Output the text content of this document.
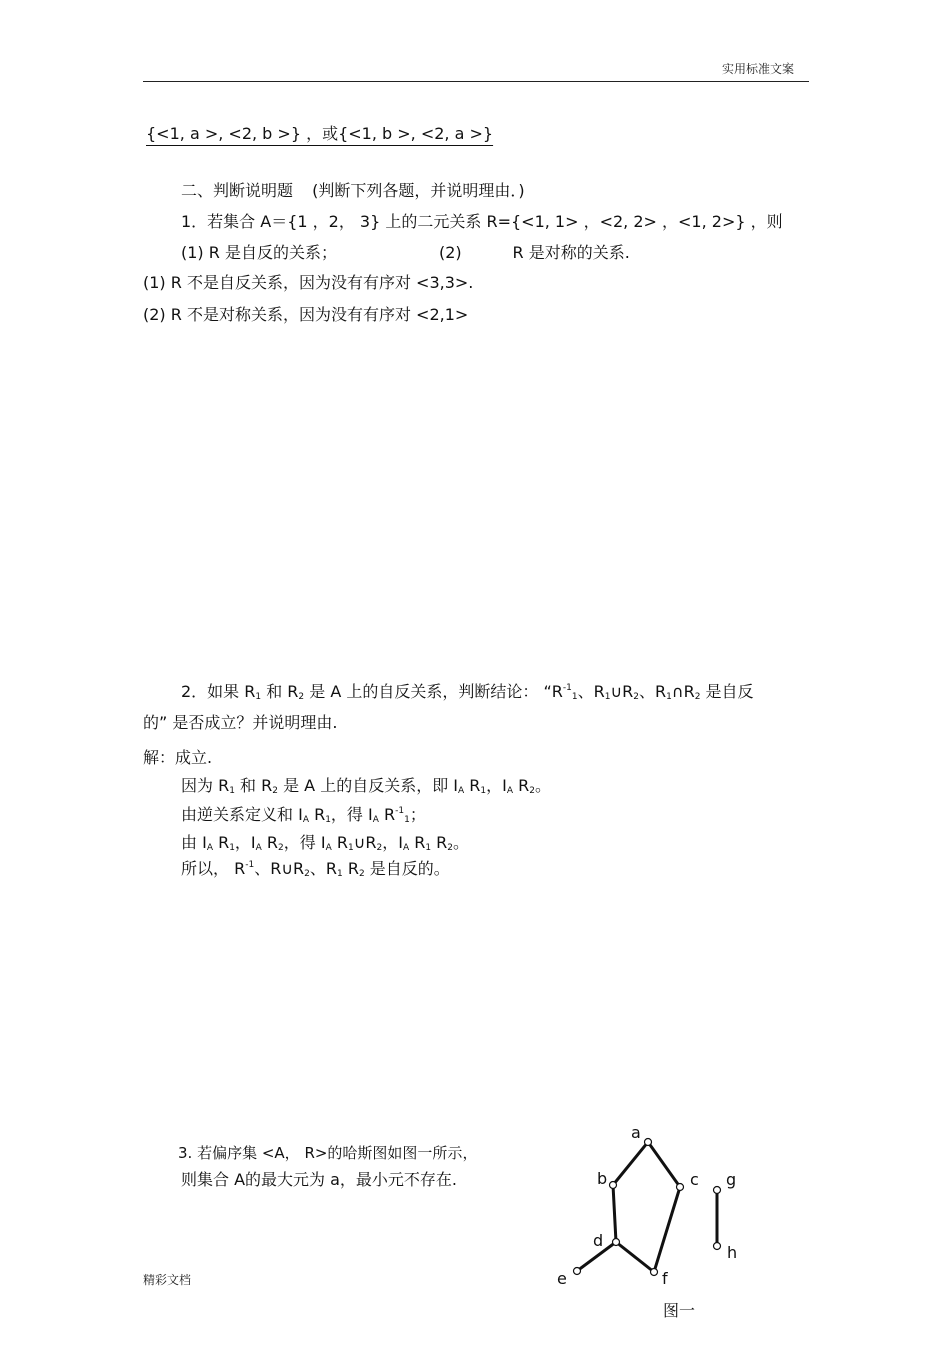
实用标准文案
{<1, a >, <2, b >} ，或{<1, b >, <2, a >}
二、判断说明题 (判断下列各题，并说明理由．)
1．若集合 A＝{1 ，2， 3} 上的二元关系 R={<1, 1> ，<2, 2> ，<1, 2>} ，则
(1) R 是自反的关系；	(2)          R 是对称的关系.
(1) R 不是自反关系，因为没有有序对 <3,3>.
(2) R 不是对称关系，因为没有有序对 <2,1>
2．如果 $R_1$ 和 $R_2$ 是 A 上的自反关系，判断结论： “$R^{-1}_1$、$R_1\cup R_2$、$R_1\cap R_2$ 是自反
的” 是否成立？并说明理由.
解：成立.
因为 $R_1$ 和 $R_2$ 是 A 上的自反关系，即 $I_A$ $R_1$，$I_A$ $R_2$。
由逆关系定义和 $I_A$ $R_1$，得 $I_A$ $R^{-1}_1$；
由 $I_A$ $R_1$，$I_A$ $R_2$，得 $I_A$ $R_1\cup R_2$，$I_A$ $R_1$ $R_2$。
所以， $R^{-1}$、$R\cup R_2$、$R_1$ $R_2$ 是自反的。
3. 若偏序集 <A， R>的哈斯图如图一所示，
则集合 A的最大元为 a，最小元不存在.
a
b	c
d
e	f
g
h
图一
精彩文档
